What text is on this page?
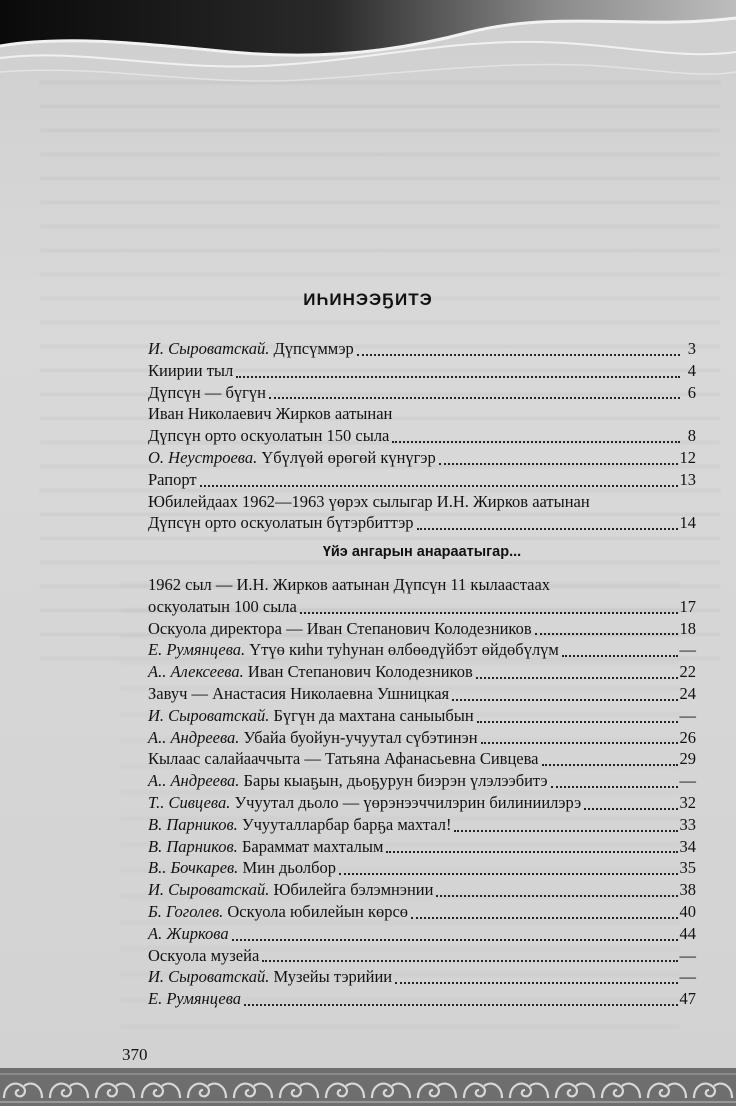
ИҺИНЭЭҔИТЭ
И. Сыроватскай. Дүпсүммэр	3
Киирии тыл	4
Дүпсүн — бүгүн	6
Иван Николаевич Жирков аатынан
Дүпсүн орто оскуолатын 150 сыла	8
О. Неустроева. Үбүлүөй өрөгөй күнүгэр	12
Рапорт	13
Юбилейдаах 1962—1963 үөрэх сылыгар И.Н. Жирков аатынан
Дүпсүн орто оскуолатын бүтэрбиттэр	14
Үйэ ангарын анараатыгар...
1962 сыл — И.Н. Жирков аатынан Дүпсүн 11 кылаастаах
оскуолатын 100 сыла	17
Оскуола директора — Иван Степанович Колодезников	18
Е. Румянцева. Үтүө киһи туһунан өлбөөдүйбэт өйдөбүлүм	—
А.. Алексеева. Иван Степанович Колодезников	22
Завуч — Анастасия Николаевна Ушницкая	24
И. Сыроватскай. Бүгүн да махтана саныыбын	—
А.. Андреева. Убайа буойун-учуутал сүбэтинэн	26
Кылаас салайааччыта — Татьяна Афанасьевна Сивцева	29
А.. Андреева. Бары кыаҕын, дьоҕурун биэрэн үлэлээбитэ	—
Т.. Сивцева. Учуутал дьоло — үөрэнээччилэрин билиниилэрэ	32
В. Парников. Учууталларбар барҕа махтал!	33
В. Парников. Бараммат махталым	34
В.. Бочкарев. Мин дьолбор	35
И. Сыроватскай. Юбилейга бэлэмнэнии	38
Б. Гоголев. Оскуола юбилейын көрсө	40
А. Жиркова	44
Оскуола музейа	—
И. Сыроватскай. Музейы тэрийии	—
Е. Румянцева	47
370
